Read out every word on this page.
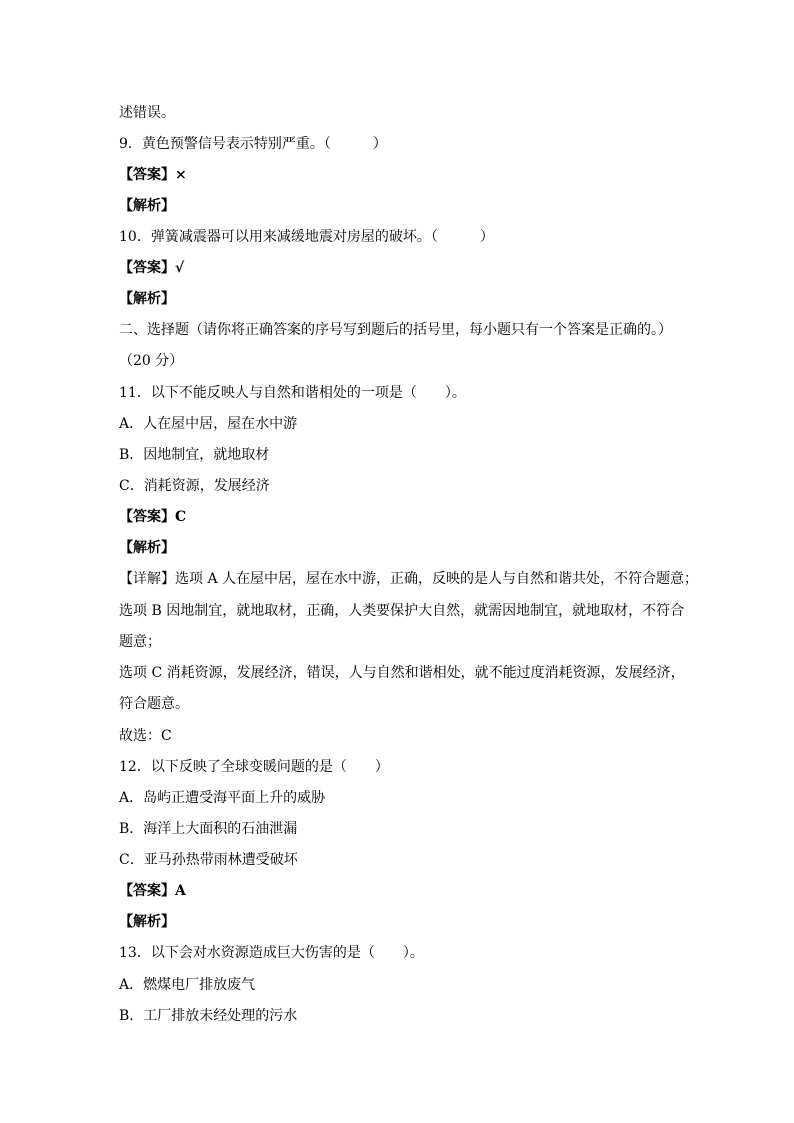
述错误。
9．黄色预警信号表示特别严重。（　　　）
【答案】×
【解析】
10．弹簧减震器可以用来减缓地震对房屋的破坏。（　　　）
【答案】√
【解析】
二、选择题（请你将正确答案的序号写到题后的括号里，每小题只有一个答案是正确的。）
（20 分）
11．以下不能反映人与自然和谐相处的一项是（　　）。
A．人在屋中居，屋在水中游
B．因地制宜，就地取材
C．消耗资源，发展经济
【答案】C
【解析】
【详解】选项 A 人在屋中居，屋在水中游，正确，反映的是人与自然和谐共处，不符合题意；
选项 B 因地制宜，就地取材，正确，人类要保护大自然，就需因地制宜，就地取材，不符合
题意；
选项 C 消耗资源，发展经济，错误，人与自然和谐相处，就不能过度消耗资源，发展经济，
符合题意。
故选：C
12．以下反映了全球变暖问题的是（　　）
A．岛屿正遭受海平面上升的威胁
B．海洋上大面积的石油泄漏
C．亚马孙热带雨林遭受破坏
【答案】A
【解析】
13．以下会对水资源造成巨大伤害的是（　　）。
A．燃煤电厂排放废气
B．工厂排放未经处理的污水
